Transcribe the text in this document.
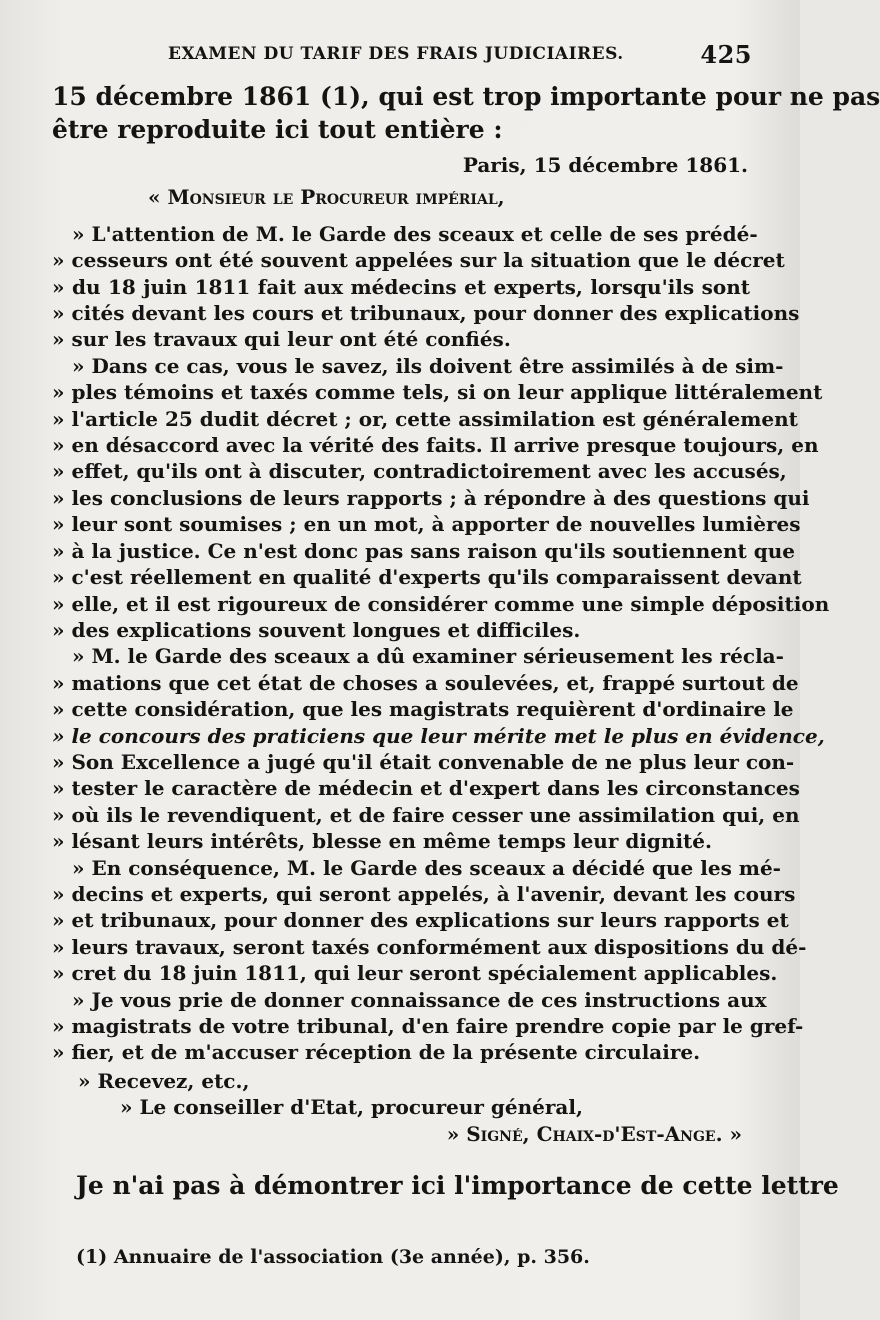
EXAMEN DU TARIF DES FRAIS JUDICIAIRES.	425
15 décembre 1861 (1), qui est trop importante pour ne pas
être reproduite ici tout entière :
Paris, 15 décembre 1861.
« Monsieur le Procureur impérial,
» L'attention de M. le Garde des sceaux et celle de ses prédé-
» cesseurs ont été souvent appelées sur la situation que le décret
» du 18 juin 1811 fait aux médecins et experts, lorsqu'ils sont
» cités devant les cours et tribunaux, pour donner des explications
» sur les travaux qui leur ont été confiés.
» Dans ce cas, vous le savez, ils doivent être assimilés à de sim-
» ples témoins et taxés comme tels, si on leur applique littéralement
» l'article 25 dudit décret ; or, cette assimilation est généralement
» en désaccord avec la vérité des faits. Il arrive presque toujours, en
» effet, qu'ils ont à discuter, contradictoirement avec les accusés,
» les conclusions de leurs rapports ; à répondre à des questions qui
» leur sont soumises ; en un mot, à apporter de nouvelles lumières
» à la justice. Ce n'est donc pas sans raison qu'ils soutiennent que
» c'est réellement en qualité d'experts qu'ils comparaissent devant
» elle, et il est rigoureux de considérer comme une simple déposition
» des explications souvent longues et difficiles.
» M. le Garde des sceaux a dû examiner sérieusement les récla-
» mations que cet état de choses a soulevées, et, frappé surtout de
» cette considération, que les magistrats requièrent d'ordinaire le
» le concours des praticiens que leur mérite met le plus en évidence,
» Son Excellence a jugé qu'il était convenable de ne plus leur con-
» tester le caractère de médecin et d'expert dans les circonstances
» où ils le revendiquent, et de faire cesser une assimilation qui, en
» lésant leurs intérêts, blesse en même temps leur dignité.
» En conséquence, M. le Garde des sceaux a décidé que les mé-
» decins et experts, qui seront appelés, à l'avenir, devant les cours
» et tribunaux, pour donner des explications sur leurs rapports et
» leurs travaux, seront taxés conformément aux dispositions du dé-
» cret du 18 juin 1811, qui leur seront spécialement applicables.
» Je vous prie de donner connaissance de ces instructions aux
» magistrats de votre tribunal, d'en faire prendre copie par le gref-
» fier, et de m'accuser réception de la présente circulaire.
» Recevez, etc.,
» Le conseiller d'Etat, procureur général,
» Signé, Chaix-d'Est-Ange. »
Je n'ai pas à démontrer ici l'importance de cette lettre
(1) Annuaire de l'association (3e année), p. 356.
